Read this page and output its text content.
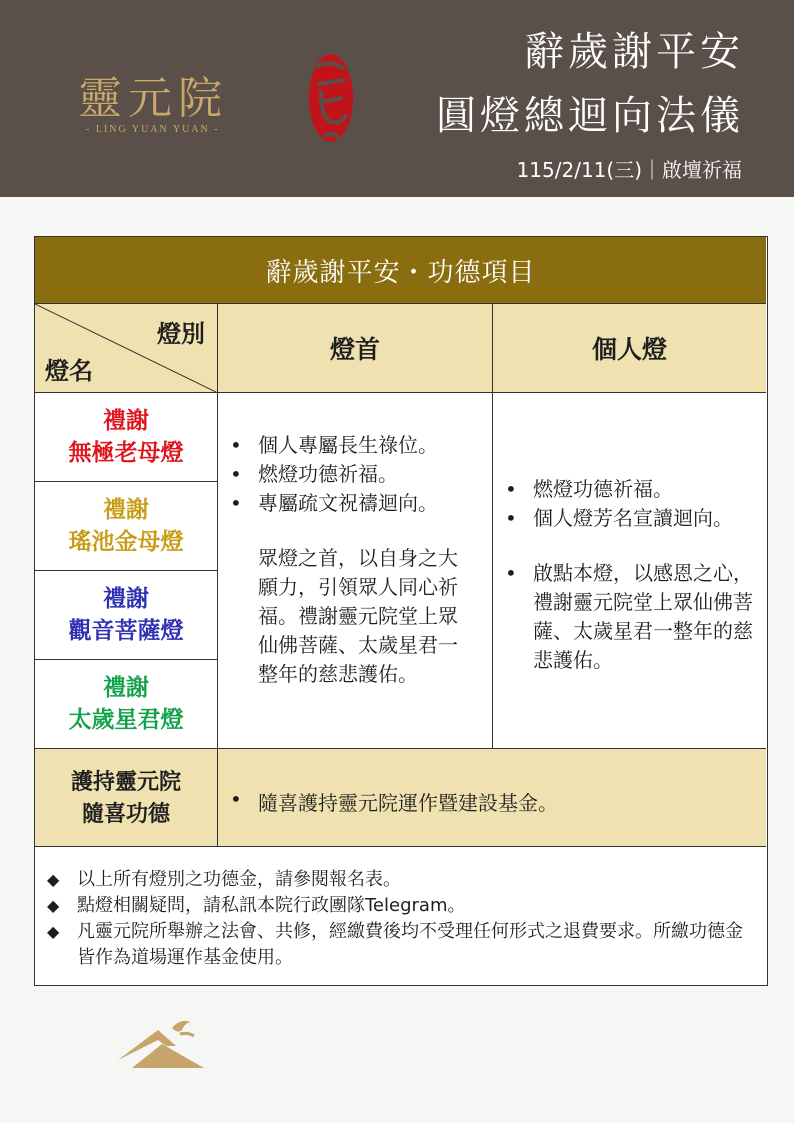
靈元院
- LING YUAN YUAN -
辭歲謝平安
圓燈總迴向法儀
115/2/11(三)｜啟壇祈福
辭歲謝平安・功德項目
燈別
燈名
燈首	個人燈
禮謝
無極老母燈
禮謝
瑤池金母燈
禮謝
觀音菩薩燈
禮謝
太歲星君燈
• 個人專屬長生祿位。
• 燃燈功德祈福。
• 專屬疏文祝禱迴向。
眾燈之首，以自身之大願力，引領眾人同心祈福。禮謝靈元院堂上眾仙佛菩薩、太歲星君一整年的慈悲護佑。
• 燃燈功德祈福。
• 個人燈芳名宣讀迴向。
• 啟點本燈，以感恩之心，禮謝靈元院堂上眾仙佛菩薩、太歲星君一整年的慈悲護佑。
護持靈元院
隨喜功德
• 隨喜護持靈元院運作暨建設基金。
◆ 以上所有燈別之功德金，請參閱報名表。
◆ 點燈相關疑問，請私訊本院行政團隊Telegram。
◆ 凡靈元院所舉辦之法會、共修，經繳費後均不受理任何形式之退費要求。所繳功德金皆作為道場運作基金使用。
